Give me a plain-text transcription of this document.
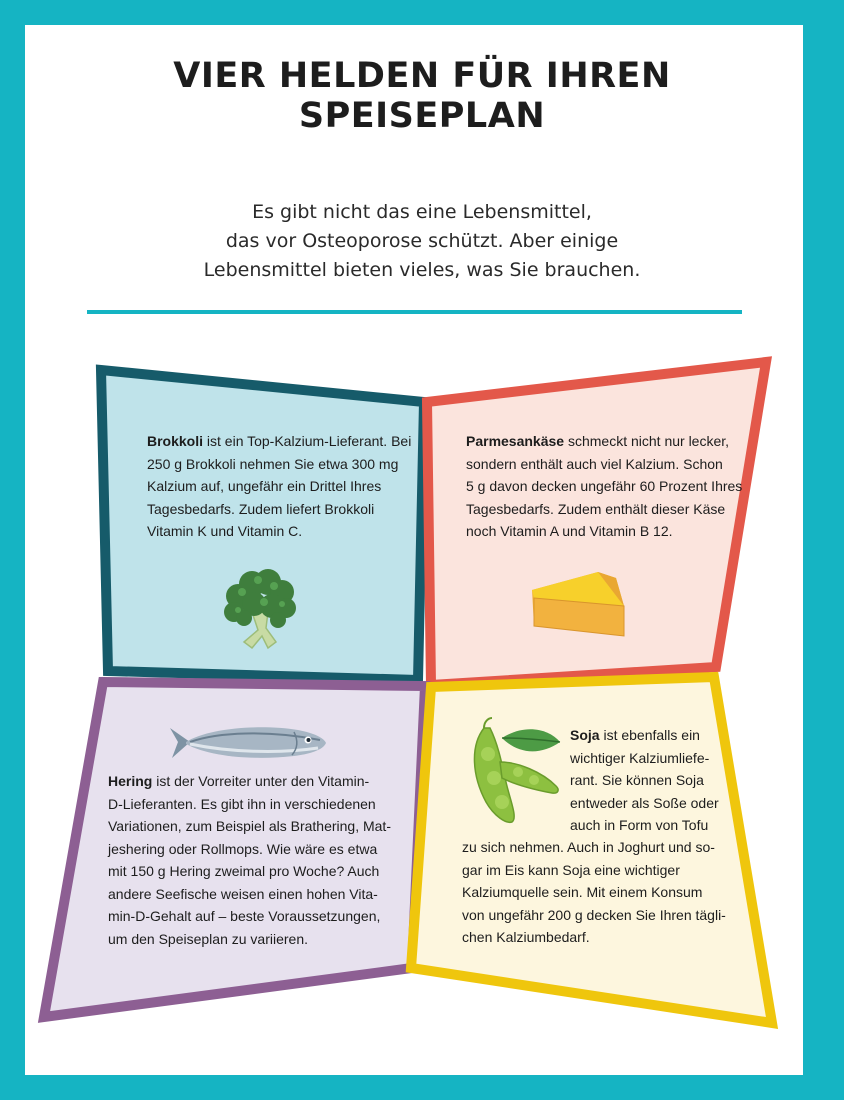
VIER HELDEN FÜR IHREN
SPEISEPLAN

Es gibt nicht das eine Lebensmittel,
das vor Osteoporose schützt. Aber einige
Lebensmittel bieten vieles, was Sie brauchen.

Brokkoli ist ein Top-Kalzium-Lieferant. Bei
250 g Brokkoli nehmen Sie etwa 300 mg
Kalzium auf, ungefähr ein Drittel Ihres
Tagesbedarfs. Zudem liefert Brokkoli
Vitamin K und Vitamin C.
Parmesankäse schmeckt nicht nur lecker,
sondern enthält auch viel Kalzium. Schon
5 g davon decken ungefähr 60 Prozent Ihres
Tagesbedarfs. Zudem enthält dieser Käse
noch Vitamin A und Vitamin B 12.
Hering ist der Vorreiter unter den Vitamin-
D-Lieferanten. Es gibt ihn in verschiedenen
Variationen, zum Beispiel als Brathering, Mat-
jeshering oder Rollmops. Wie wäre es etwa
mit 150 g Hering zweimal pro Woche? Auch
andere Seefische weisen einen hohen Vita-
min-D-Gehalt auf – beste Voraussetzungen,
um den Speiseplan zu variieren.
Soja ist ebenfalls ein
wichtiger Kalziumliefe-
rant. Sie können Soja
entweder als Soße oder
auch in Form von Tofu
zu sich nehmen. Auch in Joghurt und so-
gar im Eis kann Soja eine wichtiger
Kalziumquelle sein. Mit einem Konsum
von ungefähr 200 g decken Sie Ihren tägli-
chen Kalziumbedarf.
